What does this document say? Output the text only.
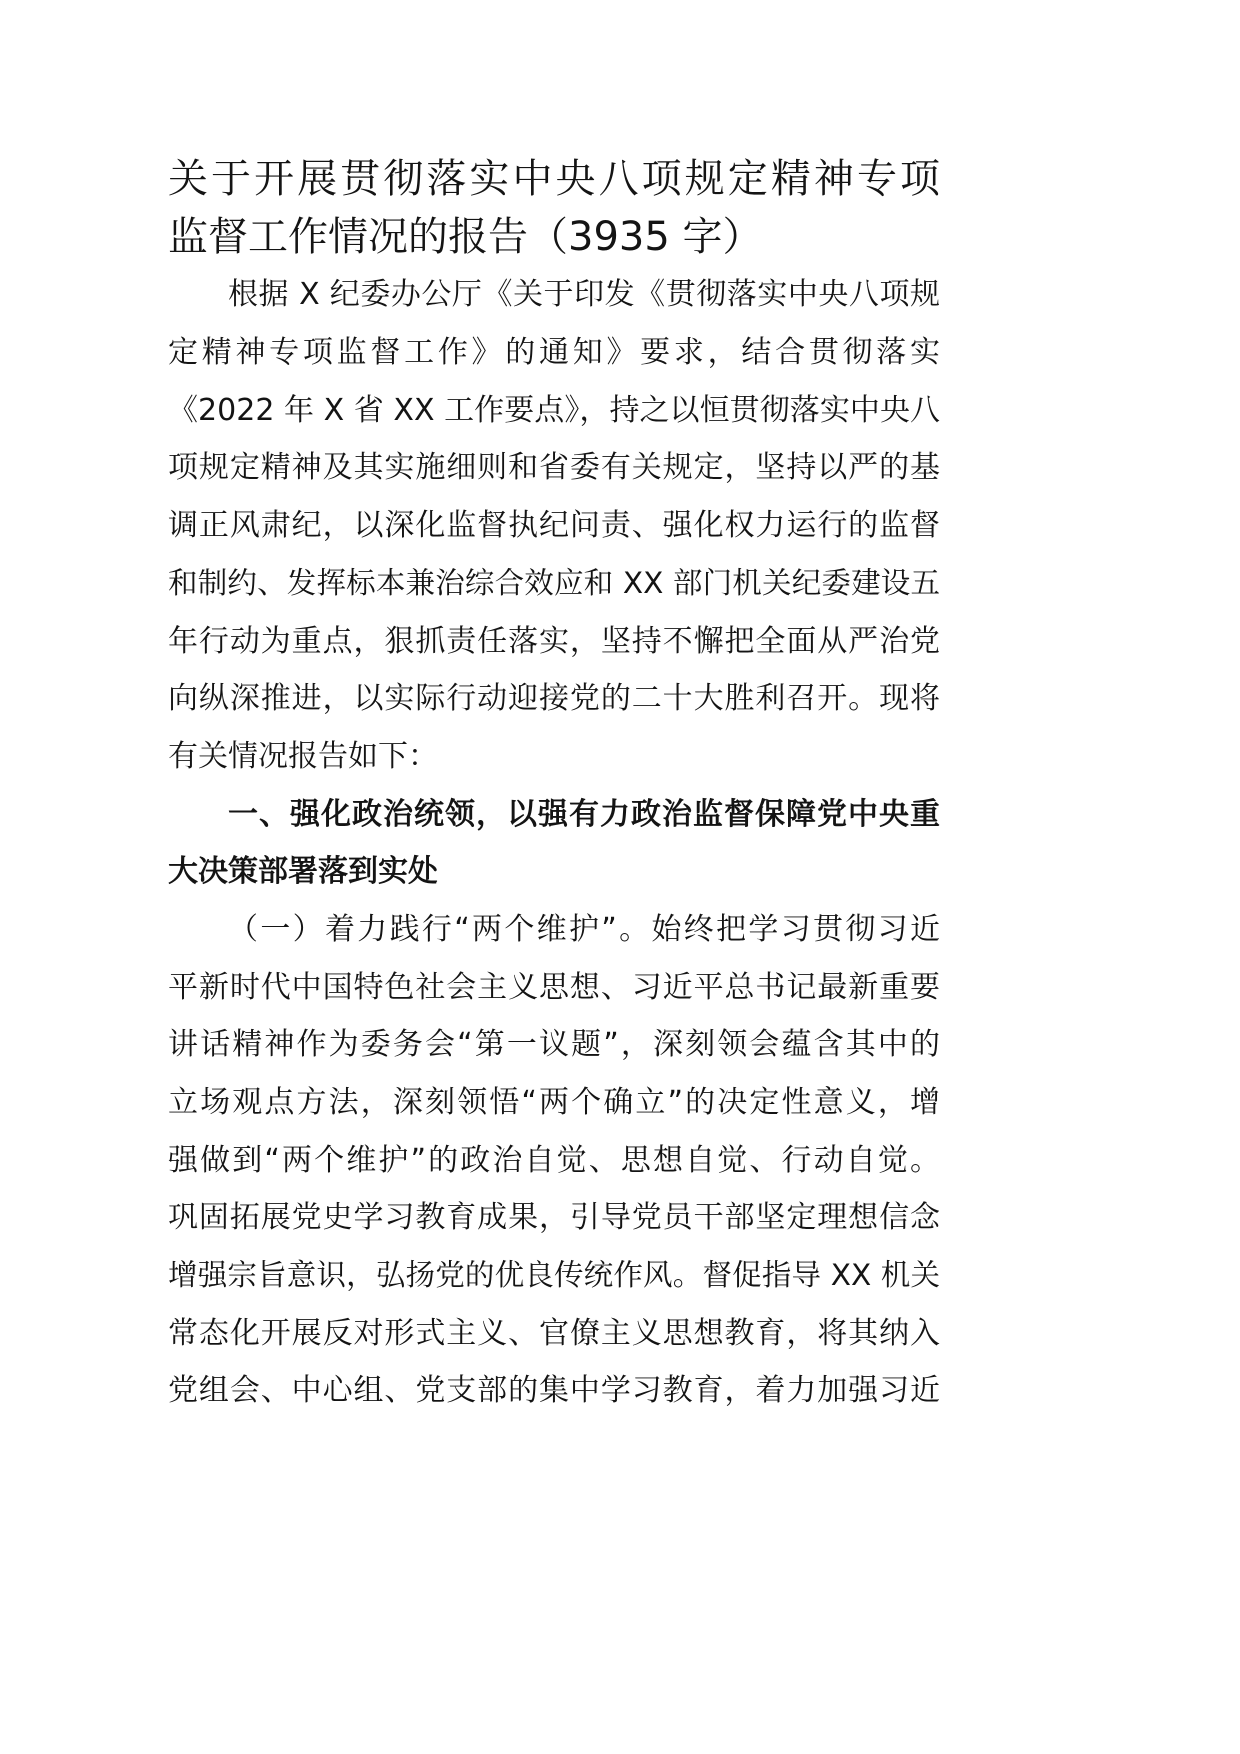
关于开展贯彻落实中央八项规定精神专项
监督工作情况的报告（3935 字）
根据 X 纪委办公厅《关于印发《贯彻落实中央八项规
定精神专项监督工作》的通知》要求，结合贯彻落实
《2022 年 X 省 XX 工作要点》，持之以恒贯彻落实中央八
项规定精神及其实施细则和省委有关规定，坚持以严的基
调正风肃纪，以深化监督执纪问责、强化权力运行的监督
和制约、发挥标本兼治综合效应和 XX 部门机关纪委建设五
年行动为重点，狠抓责任落实，坚持不懈把全面从严治党
向纵深推进，以实际行动迎接党的二十大胜利召开。现将
有关情况报告如下：
一、强化政治统领，以强有力政治监督保障党中央重
大决策部署落到实处
（一）着力践行“两个维护”。始终把学习贯彻习近
平新时代中国特色社会主义思想、习近平总书记最新重要
讲话精神作为委务会“第一议题”，深刻领会蕴含其中的
立场观点方法，深刻领悟“两个确立”的决定性意义，增
强做到“两个维护”的政治自觉、思想自觉、行动自觉。
巩固拓展党史学习教育成果，引导党员干部坚定理想信念
增强宗旨意识，弘扬党的优良传统作风。督促指导 XX 机关
常态化开展反对形式主义、官僚主义思想教育，将其纳入
党组会、中心组、党支部的集中学习教育，着力加强习近
